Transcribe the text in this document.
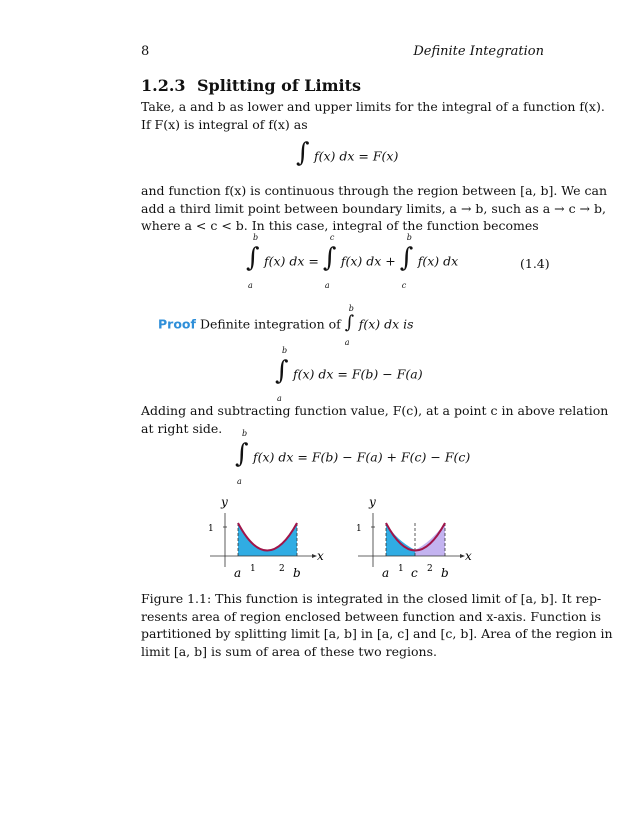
8	Definite Integration
1.2.3 Splitting of Limits

Take, a and b as lower and upper limits for the integral of a function f(x).
If F(x) is integral of f(x) as

∫ f(x) dx = F(x)

and function f(x) is continuous through the region between [a, b]. We can
add a third limit point between boundary limits, a → b, such as a → c → b,
where a < c < b. In this case, integral of the function becomes

∫
b
a
f(x) dx = ∫
c
a
f(x) dx + ∫
b
c
f(x) dx	(1.4)
Proof Definite integration of ∫
b
a
f(x) dx is
∫
b
a
f(x) dx = F(b) − F(a)

Adding and subtracting function value, F(c), at a point c in above relation
at right side.

∫
b
a
f(x) dx = F(b) − F(a) + F(c) − F(c)
y
x
1
1	2
a	b
y
x
1
1	2
a c b

Figure 1.1: This function is integrated in the closed limit of [a, b]. It rep-
resents area of region enclosed between function and x-axis. Function is
partitioned by splitting limit [a, b] in [a, c] and [c, b]. Area of the region in
limit [a, b] is sum of area of these two regions.
